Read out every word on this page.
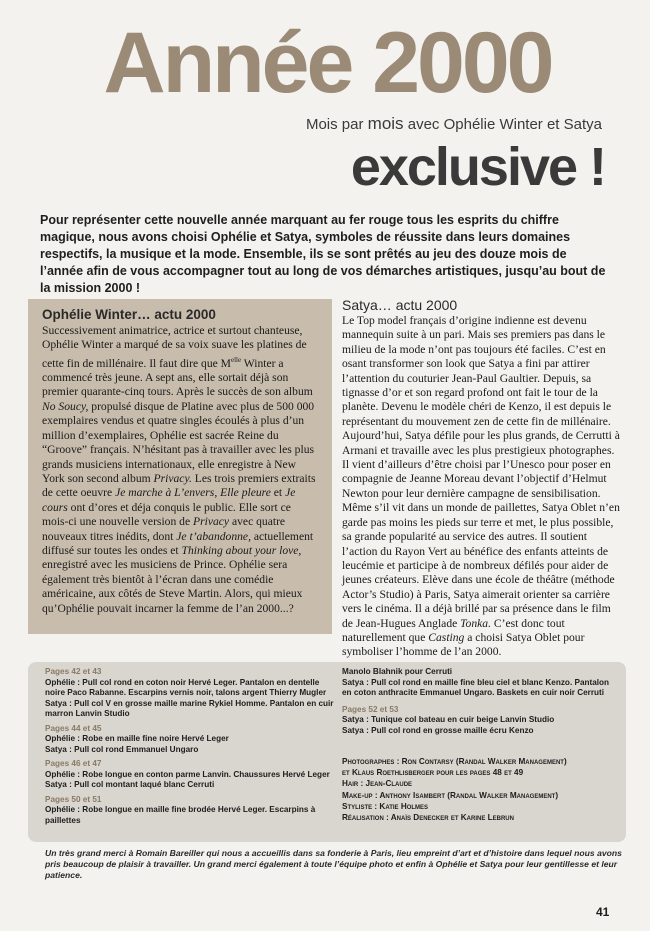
Année 2000
Mois par mois avec Ophélie Winter et Satya
exclusive !
Pour représenter cette nouvelle année marquant au fer rouge tous les esprits du chiffre magique, nous avons choisi Ophélie et Satya, symboles de réussite dans leurs domaines respectifs, la musique et la mode. Ensemble, ils se sont prêtés au jeu des douze mois de l’année afin de vous accompagner tout au long de vos démarches artistiques, jusqu’au bout de la mission 2000 !
Ophélie Winter… actu 2000
Successivement animatrice, actrice et surtout chanteuse, Ophélie Winter a marqué de sa voix suave les platines de cette fin de millénaire. Il faut dire que $M^{elle}$ Winter a commencé très jeune. A sept ans, elle sortait déjà son premier quarante-cinq tours. Après le succès de son album No Soucy, propulsé disque de Platine avec plus de 500 000 exemplaires vendus et quatre singles écoulés à plus d’un million d’exemplaires, Ophélie est sacrée Reine du “Groove” français. N’hésitant pas à travailler avec les plus grands musiciens internationaux, elle enregistre à New York son second album Privacy. Les trois premiers extraits de cette oeuvre Je marche à L’envers, Elle pleure et Je cours ont d’ores et déja conquis le public. Elle sort ce mois-ci une nouvelle version de Privacy avec quatre nouveaux titres inédits, dont Je t’abandonne, actuellement diffusé sur toutes les ondes et Thinking about your love, enregistré avec les musiciens de Prince. Ophélie sera également très bientôt à l’écran dans une comédie américaine, aux côtés de Steve Martin. Alors, qui mieux qu’Ophélie pouvait incarner la femme de l’an 2000...?
Satya… actu 2000
Le Top model français d’origine indienne est devenu mannequin suite à un pari. Mais ses premiers pas dans le milieu de la mode n’ont pas toujours été faciles. C’est en osant transformer son look que Satya a fini par attirer l’attention du couturier Jean-Paul Gaultier. Depuis, sa tignasse d’or et son regard profond ont fait le tour de la planète. Devenu le modèle chéri de Kenzo, il est depuis le représentant du mouvement zen de cette fin de millénaire. Aujourd’hui, Satya défile pour les plus grands, de Cerrutti à Armani et travaille avec les plus prestigieux photographes. Il vient d’ailleurs d’être choisi par l’Unesco pour poser en compagnie de Jeanne Moreau devant l’objectif d’Helmut Newton pour leur dernière campagne de sensibilisation. Même s’il vit dans un monde de paillettes, Satya Oblet n’en garde pas moins les pieds sur terre et met, le plus possible, sa grande popularité au service des autres. Il soutient l’action du Rayon Vert au bénéfice des enfants atteints de leucémie et participe à de nombreux défilés pour aider de jeunes créateurs. Elève dans une école de théâtre (méthode Actor’s Studio) à Paris, Satya aimerait orienter sa carrière vers le cinéma. Il a déjà brillé par sa présence dans le film de Jean-Hugues Anglade Tonka. C’est donc tout naturellement que Casting a choisi Satya Oblet pour symboliser l’homme de l’an 2000.
Pages 42 et 43
Ophélie : Pull col rond en coton noir Hervé Leger. Pantalon en dentelle noire Paco Rabanne. Escarpins vernis noir, talons argent Thierry Mugler
Satya : Pull col V en grosse maille marine Rykiel Homme. Pantalon en cuir marron Lanvin Studio
Pages 44 et 45
Ophélie : Robe en maille fine noire Hervé Leger
Satya : Pull col rond Emmanuel Ungaro
Pages 46 et 47
Ophélie : Robe longue en conton parme Lanvin. Chaussures Hervé Leger
Satya : Pull col montant laqué blanc Cerruti
Pages 50 et 51
Ophélie : Robe longue en maille fine brodée Hervé Leger. Escarpins à paillettes
Manolo Blahnik pour Cerruti
Satya : Pull col rond en maille fine bleu ciel et blanc Kenzo. Pantalon en coton anthracite Emmanuel Ungaro. Baskets en cuir noir Cerruti
Pages 52 et 53
Satya : Tunique col bateau en cuir beige Lanvin Studio
Satya : Pull col rond en grosse maille écru Kenzo
Photographes : Ron Contarsy (Randal Walker Management)
et Klaus Roethlisberger pour les pages 48 et 49
Hair : Jean-Claude
Make-up : Anthony Isambert (Randal Walker Management)
Styliste : Katie Holmes
Réalisation : Anaïs Denecker et Karine Lebrun
Un très grand merci à Romain Bareiller qui nous a accueillis dans sa fonderie à Paris, lieu empreint d’art et d’histoire dans lequel nous avons pris beaucoup de plaisir à travailler. Un grand merci également à toute l’équipe photo et enfin à Ophélie et Satya pour leur gentillesse et leur patience.
41
